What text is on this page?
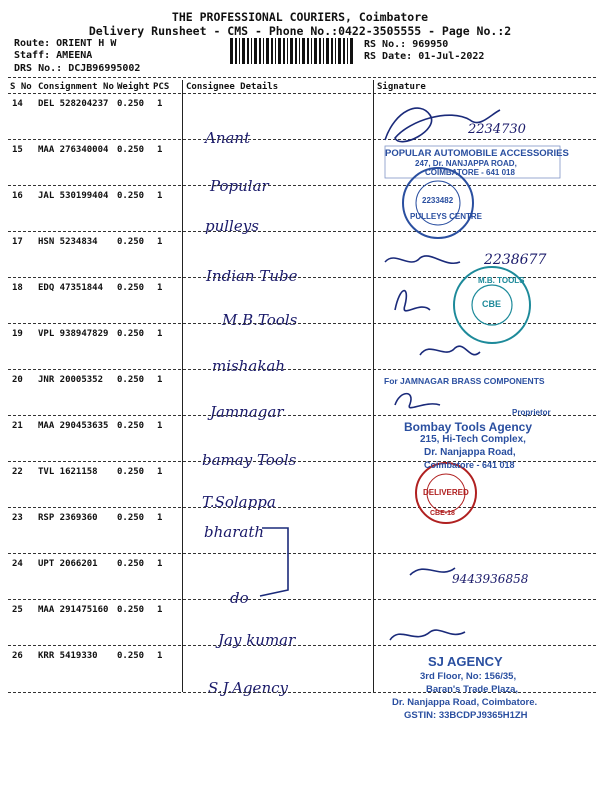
THE PROFESSIONAL COURIERS, Coimbatore
Delivery Runsheet - CMS - Phone No.:0422-3505555 - Page No.:2
Route: ORIENT H W
Staff: AMEENA
DRS No.: DCJB96995002
RS No.: 969950
RS Date: 01-Jul-2022
S No Consignment No Weight PCS Consignee Details	Signature
14 DEL 528204237 0.250 1
Anant
15 MAA 276340004 0.250 1
Popular
16 JAL 530199404 0.250 1
pulleys
17 HSN 5234834 0.250 1
Indian Tube
18 EDQ 47351844 0.250 1
M.B.Tools
19 VPL 938947829 0.250 1
mishakah
20 JNR 20005352 0.250 1
Jamnagar
21 MAA 290453635 0.250 1
bamay Tools
22 TVL 1621158 0.250 1
T.Solappa
23 RSP 2369360 0.250 1
bharath
24 UPT 2066201 0.250 1
do
25 MAA 291475160 0.250 1
Jay kumar
26 KRR 5419330 0.250 1
S.J.Agency
2234730
POPULAR AUTOMOBILE ACCESSORIES
247, Dr. NANJAPPA ROAD,
COIMBATORE - 641 018
PULLEYS CENTRE
2233482
2238677
M.B. TOOLS
CBE
For JAMNAGAR BRASS COMPONENTS
Proprietor
Bombay Tools Agency
215, Hi-Tech Complex,
Dr. Nanjappa Road,
Coimbatore - 641 018
DELIVERED
CBE-18
9443936858
SJ AGENCY
3rd Floor, No: 156/35,
Baran's Trade Plaza,
Dr. Nanjappa Road, Coimbatore.
GSTIN: 33BCDPJ9365H1ZH
